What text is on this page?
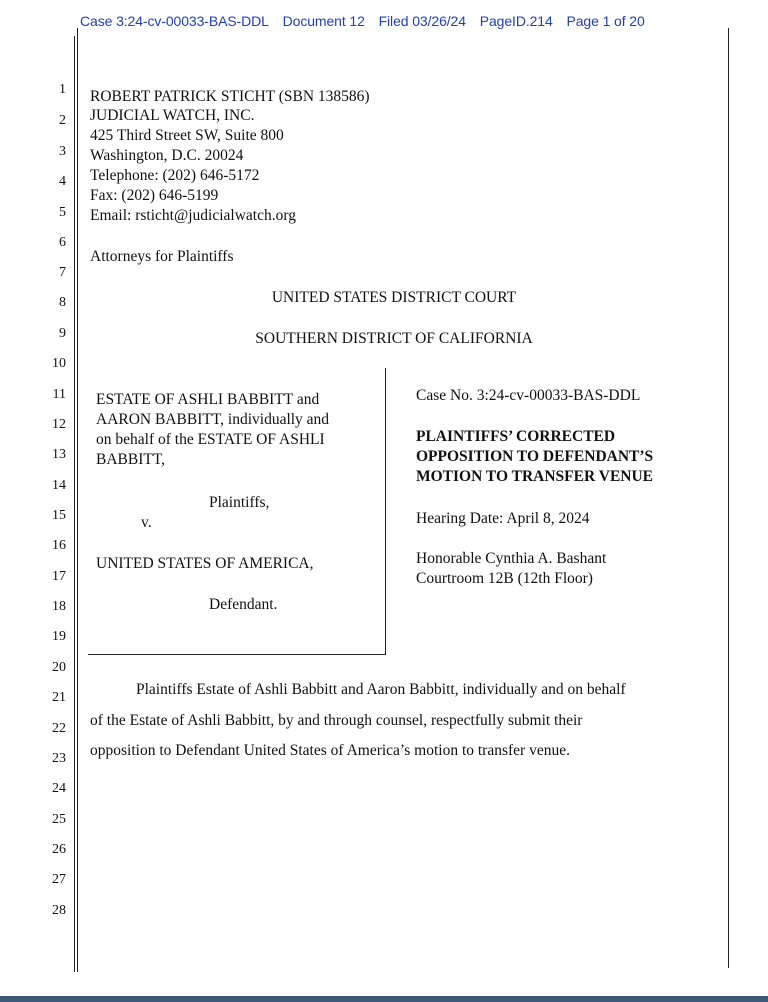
Case 3:24-cv-00033-BAS-DDL Document 12 Filed 03/26/24 PageID.214 Page 1 of 20
1
2
3
4
5
6
7
8
9
10
11
12
13
14
15
16
17
18
19
20
21
22
23
24
25
26
27
28
ROBERT PATRICK STICHT (SBN 138586)
JUDICIAL WATCH, INC.
425 Third Street SW, Suite 800
Washington, D.C. 20024
Telephone: (202) 646-5172
Fax: (202) 646-5199
Email: rsticht@judicialwatch.org
Attorneys for Plaintiffs
UNITED STATES DISTRICT COURT
SOUTHERN DISTRICT OF CALIFORNIA
ESTATE OF ASHLI BABBITT and
AARON BABBITT, individually and
on behalf of the ESTATE OF ASHLI
BABBITT,
Plaintiffs,
v.
UNITED STATES OF AMERICA,
Defendant.
Case No. 3:24-cv-00033-BAS-DDL
PLAINTIFFS’ CORRECTED
OPPOSITION TO DEFENDANT’S
MOTION TO TRANSFER VENUE
Hearing Date: April 8, 2024
Honorable Cynthia A. Bashant
Courtroom 12B (12th Floor)
Plaintiffs Estate of Ashli Babbitt and Aaron Babbitt, individually and on behalf
of the Estate of Ashli Babbitt, by and through counsel, respectfully submit their
opposition to Defendant United States of America’s motion to transfer venue.
